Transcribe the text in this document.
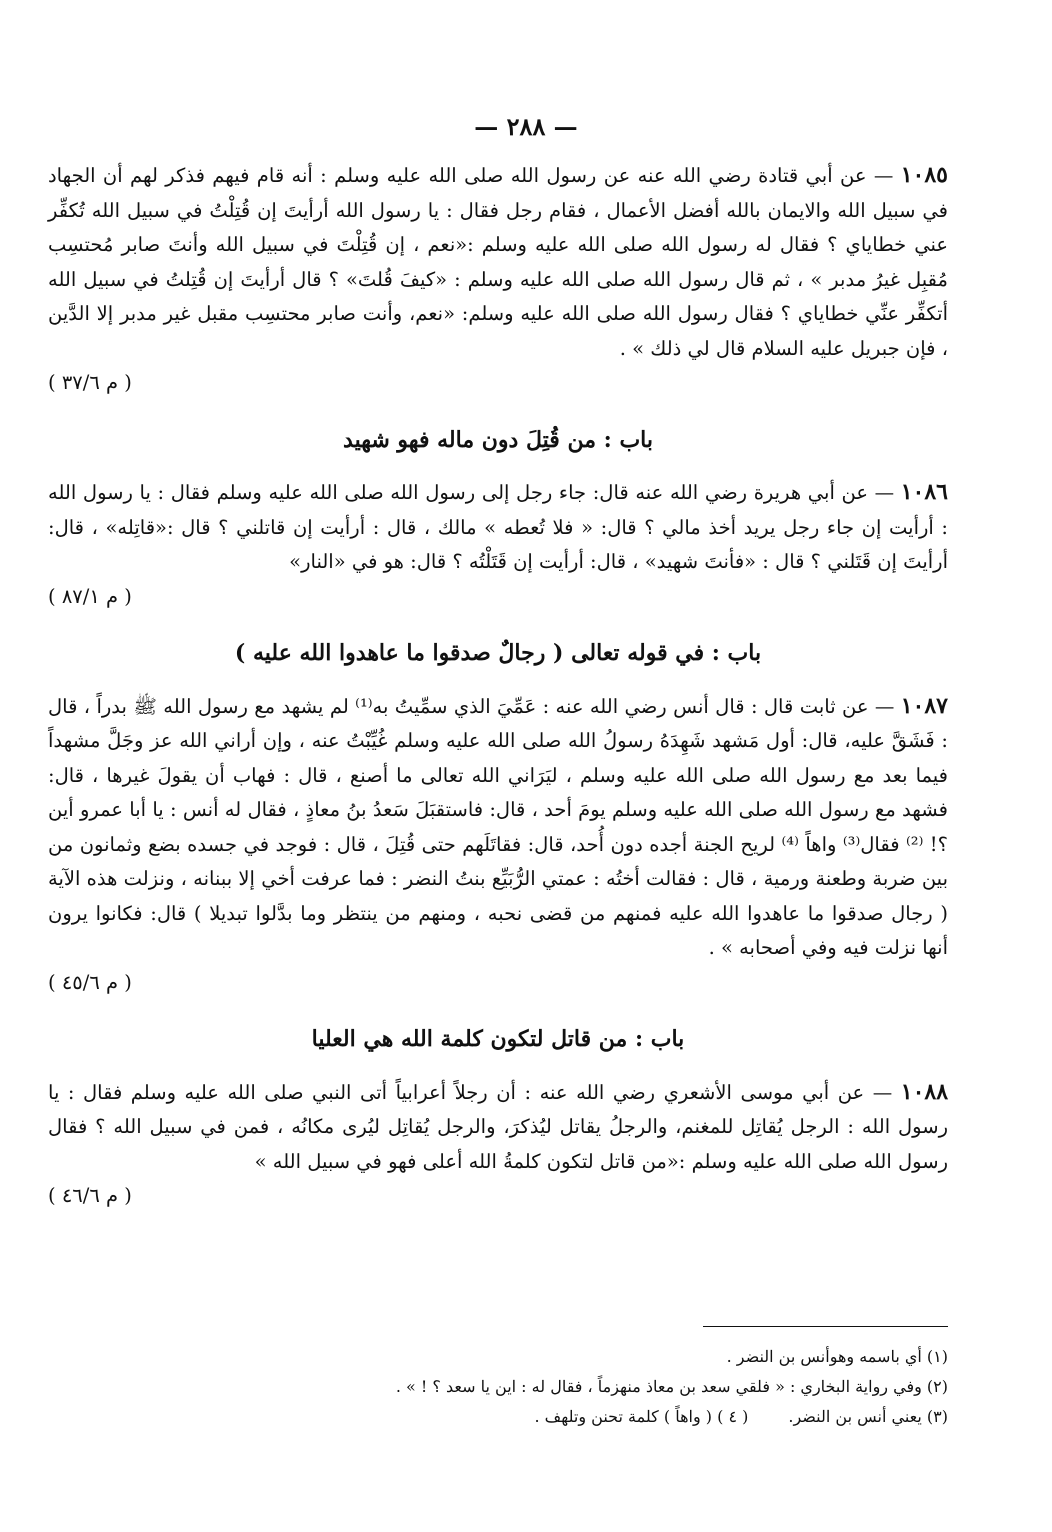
— ٢٨٨ —

١٠٨٥ — عن أبي قتادة رضي الله عنه عن رسول الله صلى الله عليه وسلم : أنه قام فيهم فذكر لهم أن الجهاد في سبيل الله والايمان بالله أفضل الأعمال ، فقام رجل فقال : يا رسول الله أرأيتَ إن قُتِلْتُ في سبيل الله تُكفِّر عني خطاياي ؟ فقال له رسول الله صلى الله عليه وسلم :«نعم ، إن قُتِلْتَ في سبيل الله وأنتَ صابر مُحتسِب مُقبِل غيرُ مدبر » ، ثم قال رسول الله صلى الله عليه وسلم : «كيفَ قُلتَ» ؟ قال أرأيتَ إن قُتِلتُ في سبيل الله أتكفِّر عنِّي خطاياي ؟ فقال رسول الله صلى الله عليه وسلم: «نعم، وأنت صابر محتسِب مقبل غير مدبر إلا الدَّين ، فإن جبريل عليه السلام قال لي ذلك » .
( م ٣٧/٦ )

باب : من قُتِلَ دون ماله فهو شهيد

١٠٨٦ — عن أبي هريرة رضي الله عنه قال: جاء رجل إلى رسول الله صلى الله عليه وسلم فقال : يا رسول الله : أرأيت إن جاء رجل يريد أخذ مالي ؟ قال: « فلا تُعطه » مالك ، قال : أرأيت إن قاتلني ؟ قال :«قاتِله» ، قال: أرأيتَ إن قَتَلني ؟ قال : «فأنتَ شهيد» ، قال: أرأيت إن قَتَلْتُه ؟ قال: هو في «النار»
( م ٨٧/١ )

باب : في قوله تعالى ( رجالٌ صدقوا ما عاهدوا الله عليه )

١٠٨٧ — عن ثابت قال : قال أنس رضي الله عنه : عَمِّيَ الذي سمِّيتُ به⁽¹⁾ لم يشهد مع رسول الله ﷺ بدراً ، قال : فَشَقَّ عليه، قال: أول مَشهد شَهِدَهُ رسولُ الله صلى الله عليه وسلم غُيِّبْتُ عنه ، وإن أراني الله عز وجَلَّ مشهداً فيما بعد مع رسول الله صلى الله عليه وسلم ، ليَرَاني الله تعالى ما أصنع ، قال : فهاب أن يقولَ غيرها ، قال: فشهد مع رسول الله صلى الله عليه وسلم يومَ أحد ، قال: فاستقبَلَ سَعدُ بنُ معاذٍ ، فقال له أنس : يا أبا عمرو أين ؟! ⁽²⁾ فقال⁽³⁾ واهاً ⁽⁴⁾ لريح الجنة أجده دون أُحد، قال: فقاتَلَهم حتى قُتِلَ ، قال : فوجد في جسده بضع وثمانون من بين ضربة وطعنة ورمية ، قال : فقالت أختُه : عمتي الرُّبَيِّع بنتُ النضر : فما عرفت أخي إلا ببنانه ، ونزلت هذه الآية ( رجال صدقوا ما عاهدوا الله عليه فمنهم من قضى نحبه ، ومنهم من ينتظر وما بدَّلوا تبديلا ) قال: فكانوا يرون أنها نزلت فيه وفي أصحابه » .
( م ٤٥/٦ )

باب : من قاتل لتكون كلمة الله هي العليا

١٠٨٨ — عن أبي موسى الأشعري رضي الله عنه : أن رجلاً أعرابياً أتى النبي صلى الله عليه وسلم فقال : يا رسول الله : الرجل يُقاتِل للمغنم، والرجلُ يقاتل ليُذكرَ، والرجل يُقاتِل ليُرى مكانُه ، فمن في سبيل الله ؟ فقال رسول الله صلى الله عليه وسلم :«من قاتل لتكون كلمةُ الله أعلى فهو في سبيل الله »
( م ٤٦/٦ )

(١) أي باسمه وهوأنس بن النضر .

(٢) وفي رواية البخاري : « فلقي سعد بن معاذ منهزماً ، فقال له : اين يا سعد ؟ ! » .

(٣) يعني أنس بن النضر.
( ٤ ) ( واهاً ) كلمة تحنن وتلهف .
